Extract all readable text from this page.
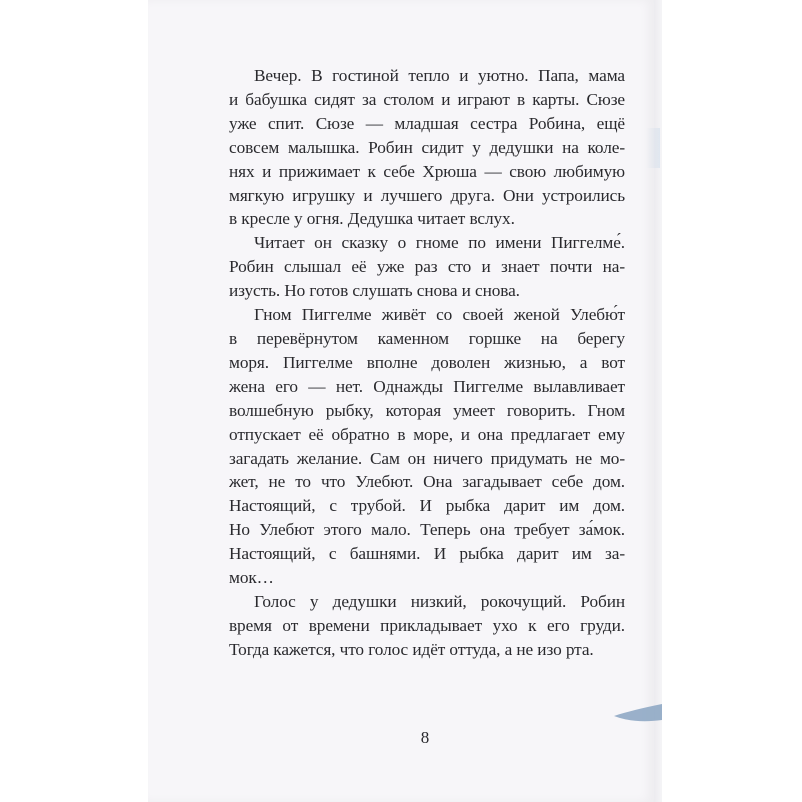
Вечер. В гостиной тепло и уютно. Папа, мама
и бабушка сидят за столом и играют в карты. Сюзе
уже спит. Сюзе — младшая сестра Робина, ещё
совсем малышка. Робин сидит у дедушки на коле-
нях и прижимает к себе Хрюша — свою любимую
мягкую игрушку и лучшего друга. Они устроились
в кресле у огня. Дедушка читает вслух.
Читает он сказку о гноме по имени Пиггелме́.
Робин слышал её уже раз сто и знает почти на-
изусть. Но готов слушать снова и снова.
Гном Пиггелме живёт со своей женой Улебю́т
в перевёрнутом каменном горшке на берегу
моря. Пиггелме вполне доволен жизнью, а вот
жена его — нет. Однажды Пиггелме вылавливает
волшебную рыбку, которая умеет говорить. Гном
отпускает её обратно в море, и она предлагает ему
загадать желание. Сам он ничего придумать не мо-
жет, не то что Улебют. Она загадывает себе дом.
Настоящий, с трубой. И рыбка дарит им дом.
Но Улебют этого мало. Теперь она требует за́мок.
Настоящий, с башнями. И рыбка дарит им за-
мок…
Голос у дедушки низкий, рокочущий. Робин
время от времени прикладывает ухо к его груди.
Тогда кажется, что голос идёт оттуда, а не изо рта.
8
